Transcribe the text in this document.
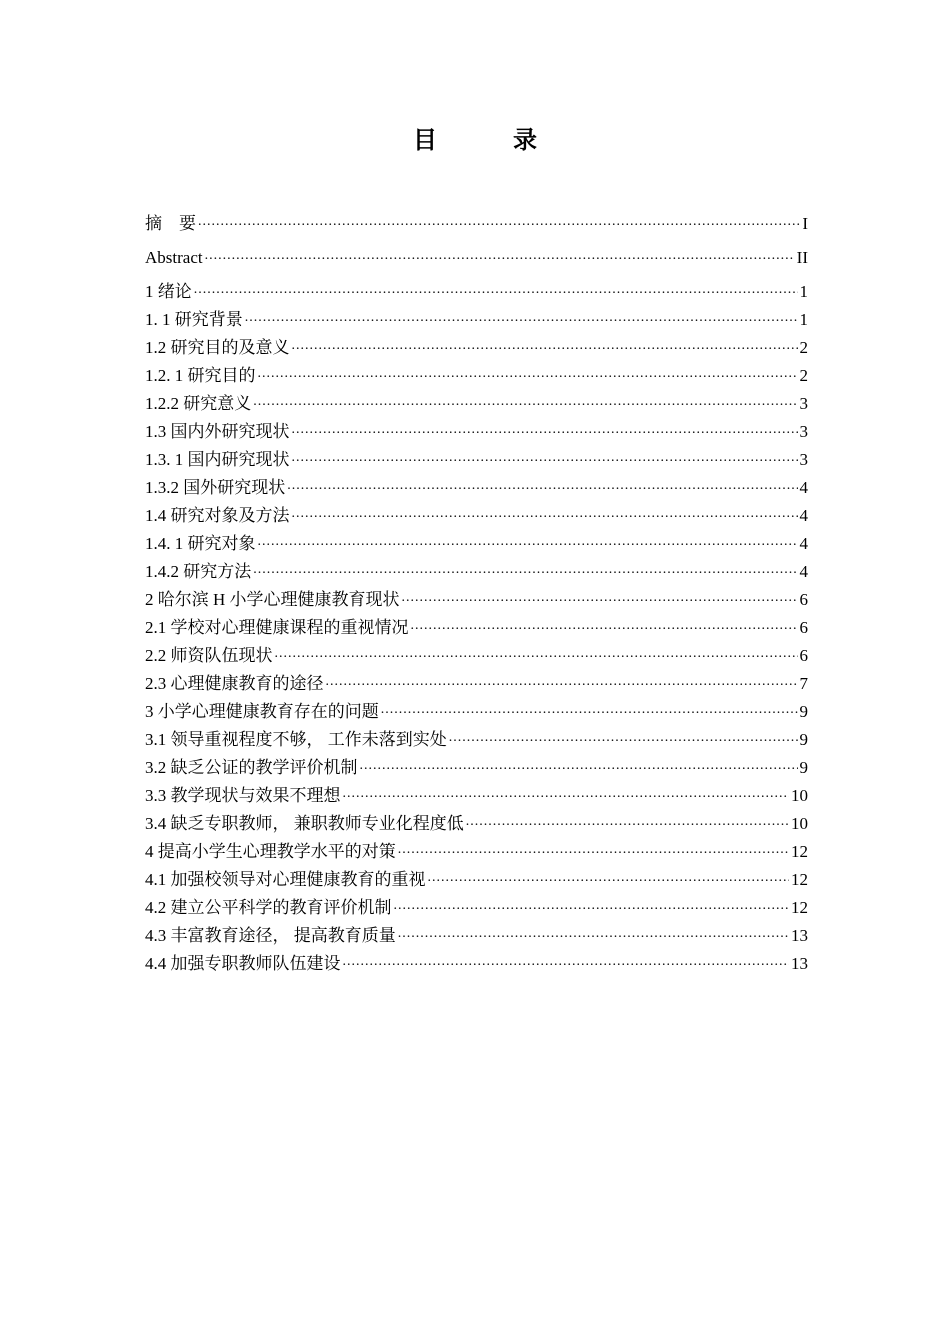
目　录
摘　要 .....	I
Abstract .....	II
1 绪论 .....	1
1. 1 研究背景 .....	1
1.2 研究目的及意义 .....	2
1.2. 1 研究目的 .....	2
1.2.2 研究意义 .....	3
1.3 国内外研究现状 .....	3
1.3. 1 国内研究现状 .....	3
1.3.2 国外研究现状 .....	4
1.4 研究对象及方法 .....	4
1.4. 1 研究对象 .....	4
1.4.2 研究方法 .....	4
2 哈尔滨 H 小学心理健康教育现状 .....	6
2.1 学校对心理健康课程的重视情况 .....	6
2.2 师资队伍现状 .....	6
2.3 心理健康教育的途径 .....	7
3 小学心理健康教育存在的问题 .....	9
3.1 领导重视程度不够， 工作未落到实处 .....	9
3.2 缺乏公证的教学评价机制 .....	9
3.3 教学现状与效果不理想 .....	10
3.4 缺乏专职教师， 兼职教师专业化程度低 .....	10
4 提高小学生心理教学水平的对策 .....	12
4.1 加强校领导对心理健康教育的重视 .....	12
4.2 建立公平科学的教育评价机制 .....	12
4.3 丰富教育途径， 提高教育质量 .....	13
4.4 加强专职教师队伍建设 .....	13
